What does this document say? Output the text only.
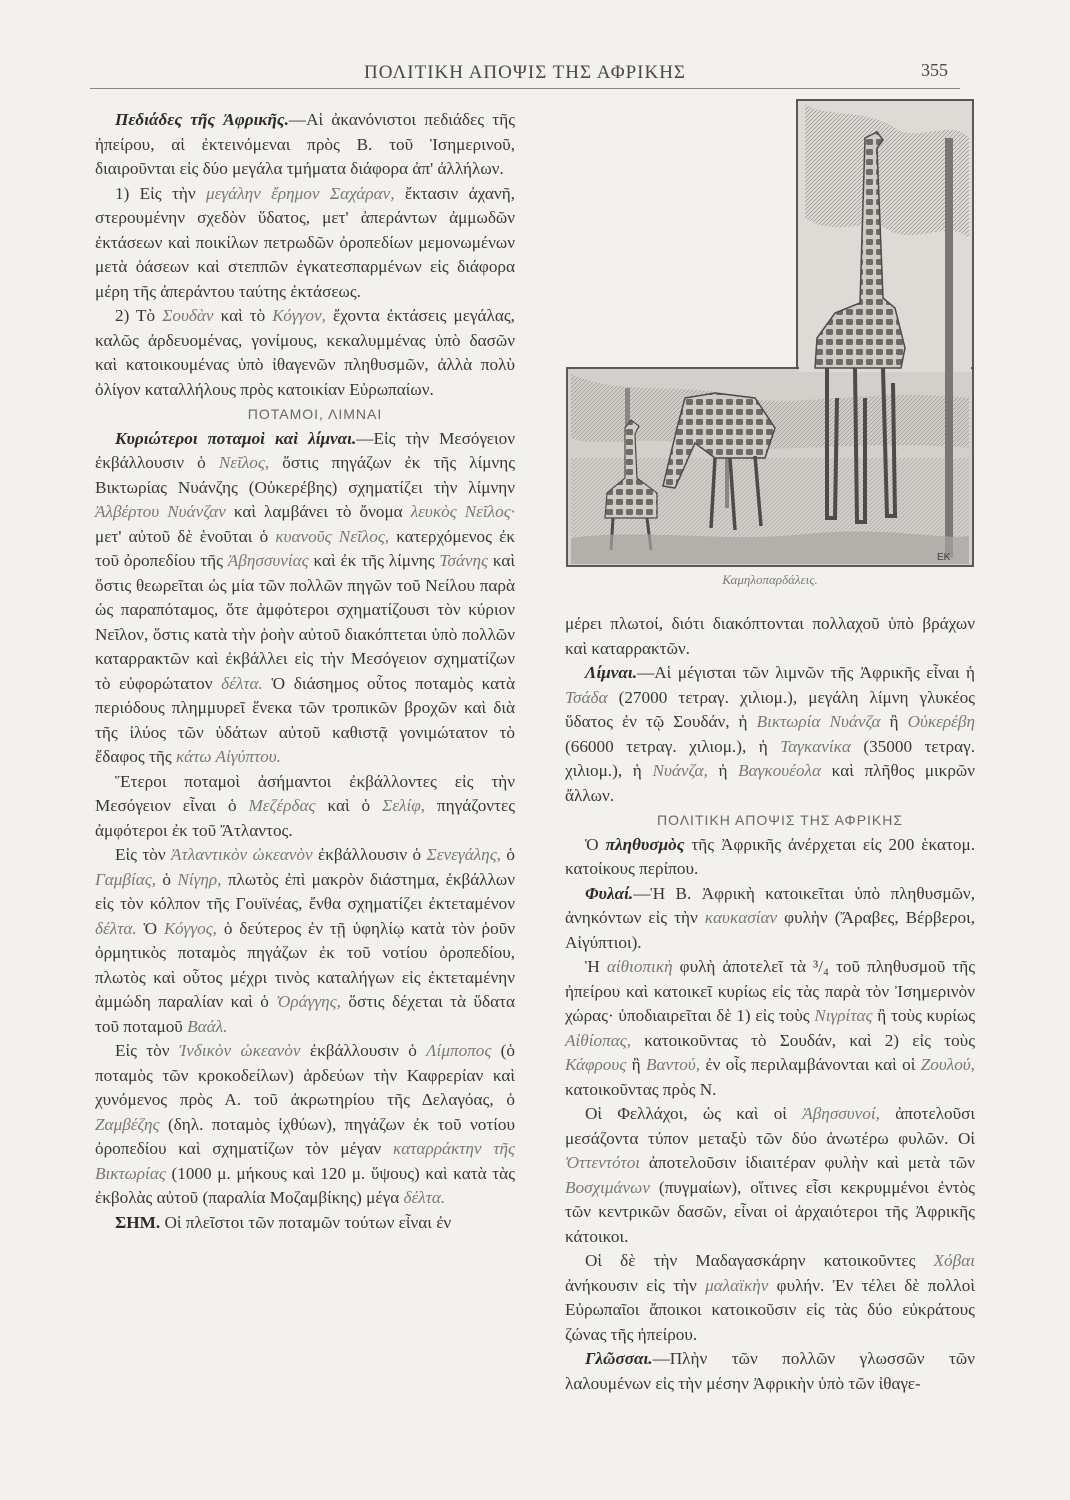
ΠΟΛΙΤΙΚΗ ΑΠΟΨΙΣ ΤΗΣ ΑΦΡΙΚΗΣ	355
EK
Καμηλοπαρδάλεις.

Πεδιάδες τῆς Ἀφρικῆς.—Αἱ ἀκανόνιστοι πεδιάδες τῆς ἠπείρου, αἱ ἐκτεινόμεναι πρὸς Β. τοῦ Ἰσημερινοῦ, διαιροῦνται εἰς δύο μεγάλα τμήματα διάφορα ἀπ' ἀλλήλων.

1) Εἰς τὴν μεγάλην ἔρημον Σαχάραν, ἔκτασιν ἀχανῆ, στερουμένην σχεδὸν ὕδατος, μετ' ἀπεράντων ἀμμωδῶν ἐκτάσεων καὶ ποικίλων πετρωδῶν ὀροπεδίων μεμονωμένων μετὰ ὀάσεων καὶ στεππῶν ἐγκατεσπαρμένων εἰς διάφορα μέρη τῆς ἀπεράντου ταύτης ἐκτάσεως.

2) Τὸ Σουδὰν καὶ τὸ Κόγγον, ἔχοντα ἐκτάσεις μεγάλας, καλῶς ἀρδευομένας, γονίμους, κεκαλυμμένας ὑπὸ δασῶν καὶ κατοικουμένας ὑπὸ ἰθαγενῶν πληθυσμῶν, ἀλλὰ πολὺ ὀλίγον καταλλήλους πρὸς κατοικίαν Εὐρωπαίων.

ΠΟΤΑΜΟΙ, ΛΙΜΝΑΙ

Κυριώτεροι ποταμοὶ καὶ λίμναι.—Εἰς τὴν Μεσόγειον ἐκβάλλουσιν ὁ Νεῖλος, ὅστις πηγάζων ἐκ τῆς λίμνης Βικτωρίας Νυάνζης (Οὐκερέβης) σχηματίζει τὴν λίμνην Ἀλβέρτου Νυάνζαν καὶ λαμβάνει τὸ ὄνομα λευκὸς Νεῖλος· μετ' αὐτοῦ δὲ ἑνοῦται ὁ κυανοῦς Νεῖλος, κατερχόμενος ἐκ τοῦ ὀροπεδίου τῆς Ἀβησσυνίας καὶ ἐκ τῆς λίμνης Τσάνης καὶ ὅστις θεωρεῖται ὡς μία τῶν πολλῶν πηγῶν τοῦ Νείλου παρὰ ὡς παραπόταμος, ὅτε ἀμφότεροι σχηματίζουσι τὸν κύριον Νεῖλον, ὅστις κατὰ τὴν ῥοὴν αὐτοῦ διακόπτεται ὑπὸ πολλῶν καταρρακτῶν καὶ ἐκβάλλει εἰς τὴν Μεσόγειον σχηματίζων τὸ εὐφορώτατον δέλτα. Ὁ διάσημος οὗτος ποταμὸς κατὰ περιόδους πλημμυρεῖ ἕνεκα τῶν τροπικῶν βροχῶν καὶ διὰ τῆς ἰλύος τῶν ὑδάτων αὐτοῦ καθιστᾷ γονιμώτατον τὸ ἔδαφος τῆς κάτω Αἰγύπτου.

Ἕτεροι ποταμοὶ ἀσήμαντοι ἐκβάλλοντες εἰς τὴν Μεσόγειον εἶναι ὁ Μεζέρδας καὶ ὁ Σελίφ, πηγάζοντες ἀμφότεροι ἐκ τοῦ Ἄτλαντος.

Εἰς τὸν Ἀτλαντικὸν ὠκεανὸν ἐκβάλλουσιν ὁ Σενεγάλης, ὁ Γαμβίας, ὁ Νίγηρ, πλωτὸς ἐπὶ μακρὸν διάστημα, ἐκβάλλων εἰς τὸν κόλπον τῆς Γουϊνέας, ἔνθα σχηματίζει ἐκτεταμένον δέλτα. Ὁ Κόγγος, ὁ δεύτερος ἐν τῇ ὑφηλίῳ κατὰ τὸν ῥοῦν ὁρμητικὸς ποταμὸς πηγάζων ἐκ τοῦ νοτίου ὀροπεδίου, πλωτὸς καὶ οὗτος μέχρι τινὸς καταλήγων εἰς ἐκτεταμένην ἀμμώδη παραλίαν καὶ ὁ Ὀράγγης, ὅστις δέχεται τὰ ὕδατα τοῦ ποταμοῦ Βαάλ.

Εἰς τὸν Ἰνδικὸν ὠκεανὸν ἐκβάλλουσιν ὁ Λίμποπος (ὁ ποταμὸς τῶν κροκοδείλων) ἀρδεύων τὴν Καφρερίαν καὶ χυνόμενος πρὸς Α. τοῦ ἀκρωτηρίου τῆς Δελαγόας, ὁ Ζαμβέζης (δηλ. ποταμὸς ἰχθύων), πηγάζων ἐκ τοῦ νοτίου ὀροπεδίου καὶ σχηματίζων τὸν μέγαν καταρράκτην τῆς Βικτωρίας (1000 μ. μήκους καὶ 120 μ. ὕψους) καὶ κατὰ τὰς ἐκβολὰς αὐτοῦ (παραλία Μοζαμβίκης) μέγα δέλτα.

ΣΗΜ. Οἱ πλεῖστοι τῶν ποταμῶν τούτων εἶναι ἐν

μέρει πλωτοί, διότι διακόπτονται πολλαχοῦ ὑπὸ βράχων καὶ καταρρακτῶν.

Λίμναι.—Αἱ μέγισται τῶν λιμνῶν τῆς Ἀφρικῆς εἶναι ἡ Τσάδα (27000 τετραγ. χιλιομ.), μεγάλη λίμνη γλυκέος ὕδατος ἐν τῷ Σουδάν, ἡ Βικτωρία Νυάνζα ἢ Οὐκερέβη (66000 τετραγ. χιλιομ.), ἡ Ταγκανίκα (35000 τετραγ. χιλιομ.), ἡ Νυάνζα, ἡ Βαγκουέολα καὶ πλῆθος μικρῶν ἄλλων.

ΠΟΛΙΤΙΚΗ ΑΠΟΨΙΣ ΤΗΣ ΑΦΡΙΚΗΣ

Ὁ πληθυσμὸς τῆς Ἀφρικῆς ἀνέρχεται εἰς 200 ἑκατομ. κατοίκους περίπου.

Φυλαί.—Ἡ Β. Ἀφρικὴ κατοικεῖται ὑπὸ πληθυσμῶν, ἀνηκόντων εἰς τὴν καυκασίαν φυλὴν (Ἄραβες, Βέρβεροι, Αἰγύπτιοι).

Ἡ αἰθιοπικὴ φυλὴ ἀποτελεῖ τὰ ³/₄ τοῦ πληθυσμοῦ τῆς ἠπείρου καὶ κατοικεῖ κυρίως εἰς τὰς παρὰ τὸν Ἰσημερινὸν χώρας· ὑποδιαιρεῖται δὲ 1) εἰς τοὺς Νιγρίτας ἢ τοὺς κυρίως Αἰθίοπας, κατοικοῦντας τὸ Σουδάν, καὶ 2) εἰς τοὺς Κάφρους ἢ Βαντού, ἐν οἷς περιλαμβάνονται καὶ οἱ Ζουλού, κατοικοῦντας πρὸς Ν.

Οἱ Φελλάχοι, ὡς καὶ οἱ Ἀβησσυνοί, ἀποτελοῦσι μεσάζοντα τύπον μεταξὺ τῶν δύο ἀνωτέρω φυλῶν. Οἱ Ὀττεντότοι ἀποτελοῦσιν ἰδιαιτέραν φυλὴν καὶ μετὰ τῶν Βοσχιμάνων (πυγμαίων), οἵτινες εἶσι κεκρυμμένοι ἐντὸς τῶν κεντρικῶν δασῶν, εἶναι οἱ ἀρχαιότεροι τῆς Ἀφρικῆς κάτοικοι.

Οἱ δὲ τὴν Μαδαγασκάρην κατοικοῦντες Χόβαι ἀνήκουσιν εἰς τὴν μαλαϊκὴν φυλήν. Ἐν τέλει δὲ πολλοὶ Εὐρωπαῖοι ἄποικοι κατοικοῦσιν εἰς τὰς δύο εὐκράτους ζώνας τῆς ἠπείρου.

Γλῶσσαι.—Πλὴν τῶν πολλῶν γλωσσῶν τῶν λαλουμένων εἰς τὴν μέσην Ἀφρικὴν ὑπὸ τῶν ἰθαγε-
